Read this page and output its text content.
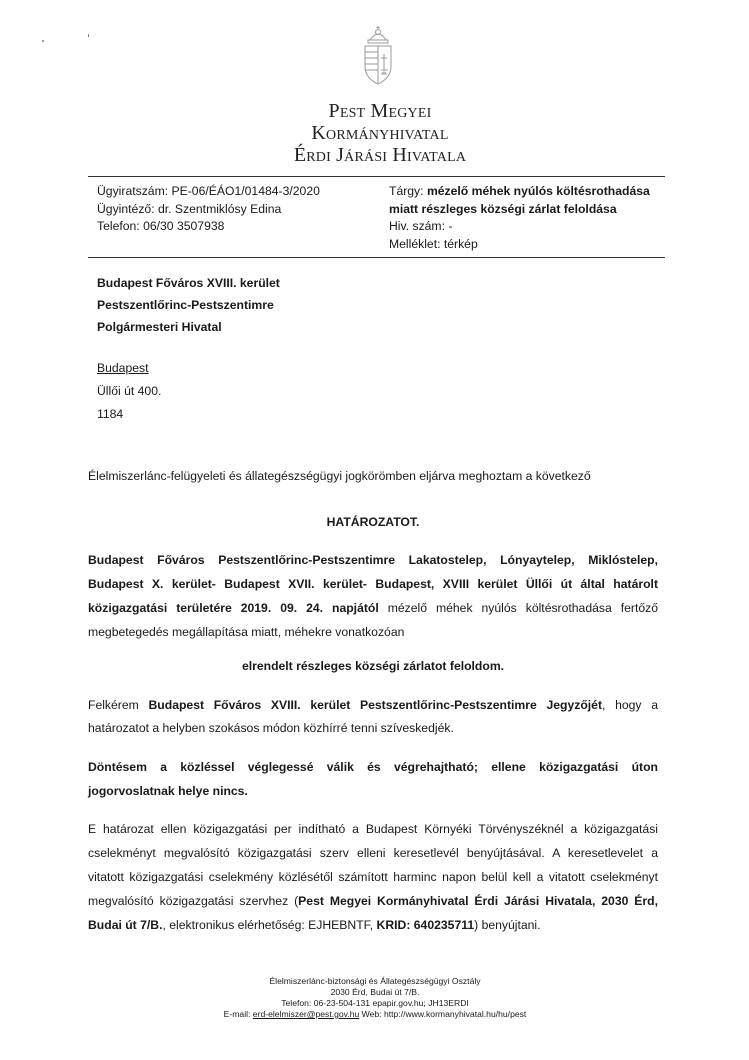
Pest Megyei
Kormányhivatal
Érdi Járási Hivatala
Ügyiratszám: PE-06/ÉÁO1/01484-3/2020
Ügyintéző: dr. Szentmiklósy Edina
Telefon: 06/30 3507938
Tárgy: mézelő méhek nyúlós költésrothadása
miatt részleges községi zárlat feloldása
Hiv. szám: -
Melléklet: térkép
Budapest Főváros XVIII. kerület
Pestszentlőrinc-Pestszentimre
Polgármesteri Hivatal
Budapest
Üllői út 400.
1184
Élelmiszerlánc-felügyeleti és állategészségügyi jogkörömben eljárva meghoztam a következő
HATÁROZATOT.
Budapest Főváros Pestszentlőrinc-Pestszentimre Lakatostelep, Lónyaytelep, Miklóstelep,
Budapest X. kerület- Budapest XVII. kerület- Budapest, XVIII kerület Üllői út által határolt
közigazgatási területére 2019. 09. 24. napjától mézelő méhek nyúlós költésrothadása fertőző
megbetegedés megállapítása miatt, méhekre vonatkozóan
elrendelt részleges községi zárlatot feloldom.
Felkérem Budapest Főváros XVIII. kerület Pestszentlőrinc-Pestszentimre Jegyzőjét, hogy a
határozatot a helyben szokásos módon közhírré tenni szíveskedjék.
Döntésem a közléssel véglegessé válik és végrehajtható; ellene közigazgatási úton
jogorvoslatnak helye nincs.
E határozat ellen közigazgatási per indítható a Budapest Környéki Törvényszéknél a közigazgatási
cselekményt megvalósító közigazgatási szerv elleni keresetlevél benyújtásával. A keresetlevelet a
vitatott közigazgatási cselekmény közlésétől számított harminc napon belül kell a vitatott cselekményt
megvalósító közigazgatási szervhez (Pest Megyei Kormányhivatal Érdi Járási Hivatala, 2030 Érd,
Budai út 7/B., elektronikus elérhetőség: EJHEBNTF, KRID: 640235711) benyújtani.
Élelmiszerlánc-biztonsági és Állategészségügyi Osztály
2030 Érd, Budai út 7/B.
Telefon: 06-23-504-131 epapir.gov.hu; JH13ERDI
E-mail: erd-elelmiszer@pest.gov.hu Web: http://www.kormanyhivatal.hu/hu/pest
